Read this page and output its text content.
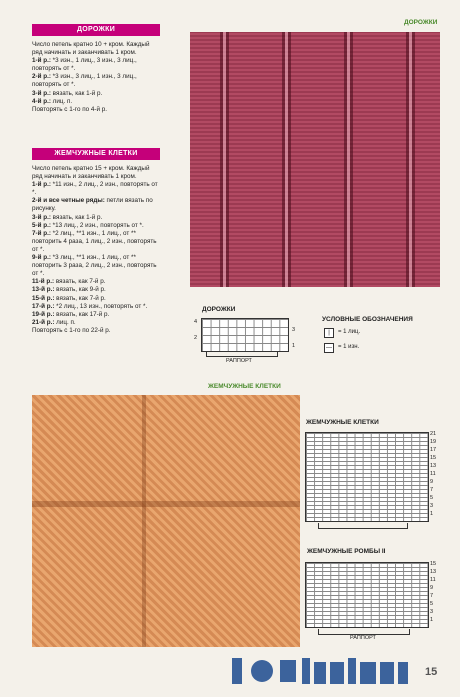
ДОРОЖКИ

Число петель кратно 10 + кром. Каждый ряд начинать и заканчивать 1 кром.

1-й р.: *3 изн., 1 лиц., 3 изн., 3 лиц., повторять от *.

2-й р.: *3 изн., 3 лиц., 1 изн., 3 лиц., повторять от *.

3-й р.: вязать, как 1-й р.

4-й р.: лиц. п.

Повторять с 1-го по 4-й р.

ЖЕМЧУЖНЫЕ КЛЕТКИ

Число петель кратно 15 + кром. Каждый ряд начинать и заканчивать 1 кром.

1-й р.: *11 изн., 2 лиц., 2 изн., повторять от *.

2-й и все четные ряды: петли вязать по рисунку.

3-й р.: вязать, как 1-й р.

5-й р.: *13 лиц., 2 изн., повторять от *.

7-й р.: *2 лиц., **1 изн., 1 лиц., от ** повторить 4 раза, 1 лиц., 2 изн., повторять от *.

9-й р.: *3 лиц., **1 изн., 1 лиц., от ** повторить 3 раза, 2 лиц., 2 изн., повторять от *.

11-й р.: вязать, как 7-й р.

13-й р.: вязать, как 9-й р.

15-й р.: вязать, как 7-й р.

17-й р.: *2 лиц., 13 изн., повторять от *.

19-й р.: вязать, как 17-й р.

21-й р.: лиц. п.

Повторять с 1-го по 22-й р.

ДОРОЖКИ
ДОРОЖКИ
4
2
3
1
РАППОРТ
УСЛОВНЫЕ ОБОЗНАЧЕНИЯ
|	= 1 лиц.
—	= 1 изн.
ЖЕМЧУЖНЫЕ КЛЕТКИ
ЖЕМЧУЖНЫЕ КЛЕТКИ
21
19
17
15
13
11
9
7
5
3
1
ЖЕМЧУЖНЫЕ РОМБЫ II
15
13
11
9
7
5
3
1
РАППОРТ
15
